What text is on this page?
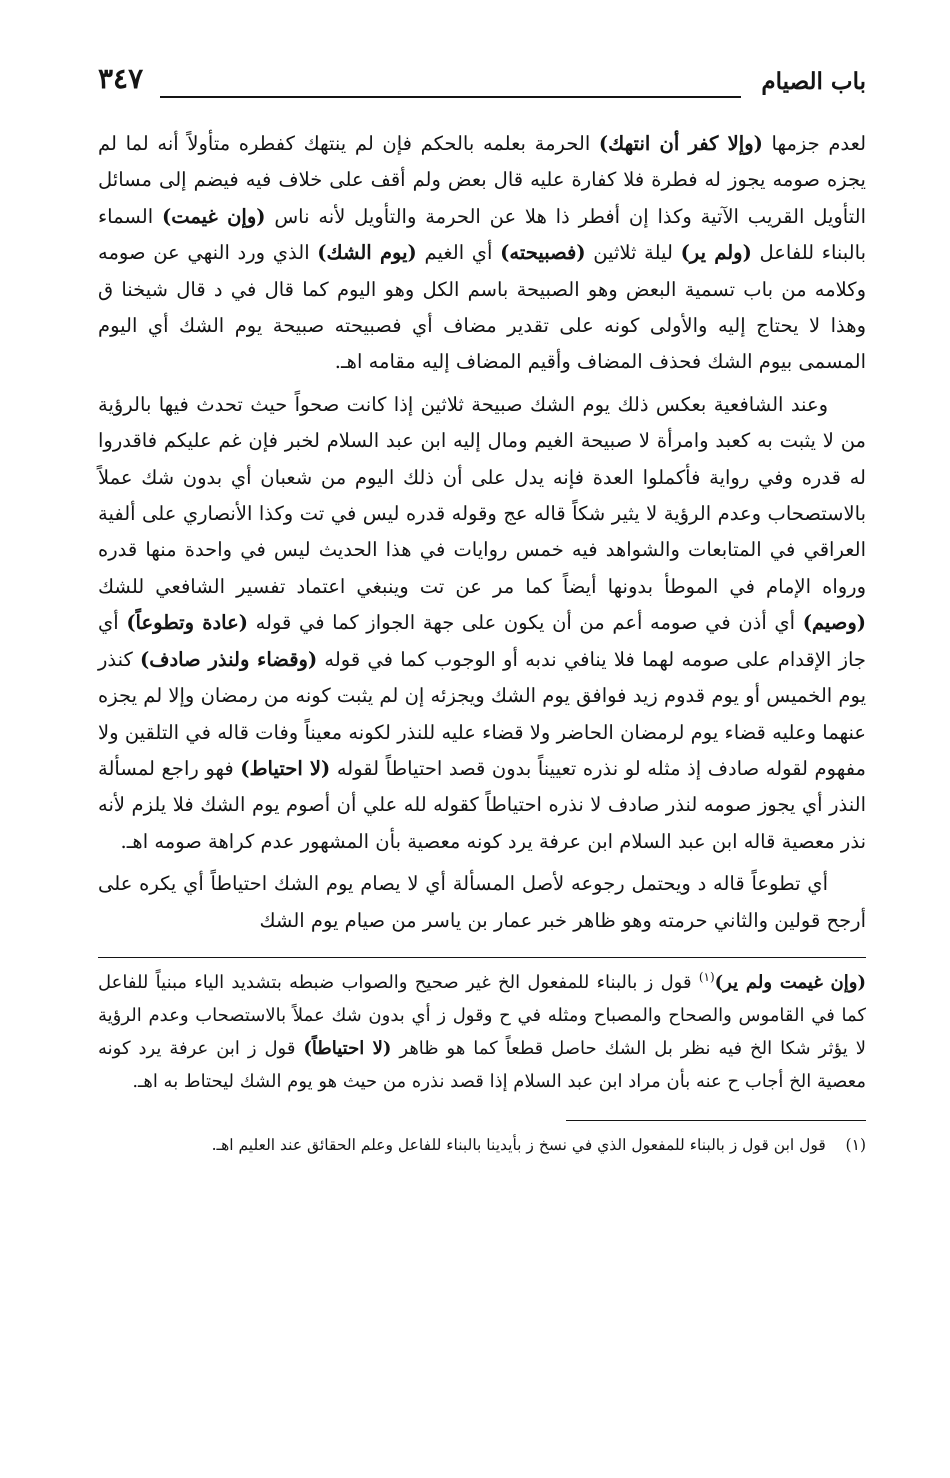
باب الصيام
٣٤٧

لعدم جزمها (وإلا كفر أن انتهك) الحرمة بعلمه بالحكم فإن لم ينتهك كفطره متأولاً أنه لما لم يجزه صومه يجوز له فطرة فلا كفارة عليه قال بعض ولم أقف على خلاف فيه فيضم إلى مسائل التأويل القريب الآتية وكذا إن أفطر ذا هلا عن الحرمة والتأويل لأنه ناس (وإن غيمت) السماء بالبناء للفاعل (ولم ير) ليلة ثلاثين (فصبيحته) أي الغيم (يوم الشك) الذي ورد النهي عن صومه وكلامه من باب تسمية البعض وهو الصبيحة باسم الكل وهو اليوم كما قال في د قال شيخنا ق وهذا لا يحتاج إليه والأولى كونه على تقدير مضاف أي فصبيحته صبيحة يوم الشك أي اليوم المسمى بيوم الشك فحذف المضاف وأقيم المضاف إليه مقامه اهـ.

وعند الشافعية بعكس ذلك يوم الشك صبيحة ثلاثين إذا كانت صحواً حيث تحدث فيها بالرؤية من لا يثبت به كعبد وامرأة لا صبيحة الغيم ومال إليه ابن عبد السلام لخبر فإن غم عليكم فاقدروا له قدره وفي رواية فأكملوا العدة فإنه يدل على أن ذلك اليوم من شعبان أي بدون شك عملاً بالاستصحاب وعدم الرؤية لا يثير شكاً قاله عج وقوله قدره ليس في تت وكذا الأنصاري على ألفية العراقي في المتابعات والشواهد فيه خمس روايات في هذا الحديث ليس في واحدة منها قدره ورواه الإمام في الموطأ بدونها أيضاً كما مر عن تت وينبغي اعتماد تفسير الشافعي للشك (وصيم) أي أذن في صومه أعم من أن يكون على جهة الجواز كما في قوله (عادة وتطوعاً) أي جاز الإقدام على صومه لهما فلا ينافي ندبه أو الوجوب كما في قوله (وقضاء ولنذر صادف) كنذر يوم الخميس أو يوم قدوم زيد فوافق يوم الشك ويجزئه إن لم يثبت كونه من رمضان وإلا لم يجزه عنهما وعليه قضاء يوم لرمضان الحاضر ولا قضاء عليه للنذر لكونه معيناً وفات قاله في التلقين ولا مفهوم لقوله صادف إذ مثله لو نذره تعييناً بدون قصد احتياطاً لقوله (لا احتياط) فهو راجع لمسألة النذر أي يجوز صومه لنذر صادف لا نذره احتياطاً كقوله لله علي أن أصوم يوم الشك فلا يلزم لأنه نذر معصية قاله ابن عبد السلام ابن عرفة يرد كونه معصية بأن المشهور عدم كراهة صومه اهـ.

أي تطوعاً قاله د ويحتمل رجوعه لأصل المسألة أي لا يصام يوم الشك احتياطاً أي يكره على أرجح قولين والثاني حرمته وهو ظاهر خبر عمار بن ياسر من صيام يوم الشك

(وإن غيمت ولم ير)$^{(١)}$ قول ز بالبناء للمفعول الخ غير صحيح والصواب ضبطه بتشديد الياء مبنياً للفاعل كما في القاموس والصحاح والمصباح ومثله في ح وقول ز أي بدون شك عملاً بالاستصحاب وعدم الرؤية لا يؤثر شكا الخ فيه نظر بل الشك حاصل قطعاً كما هو ظاهر (لا احتياطاً) قول ز ابن عرفة يرد كونه معصية الخ أجاب ح عنه بأن مراد ابن عبد السلام إذا قصد نذره من حيث هو يوم الشك ليحتاط به اهـ.

(١)    قول ابن قول ز بالبناء للمفعول الذي في نسخ ز بأيدينا بالبناء للفاعل وعلم الحقائق عند العليم اهـ.
